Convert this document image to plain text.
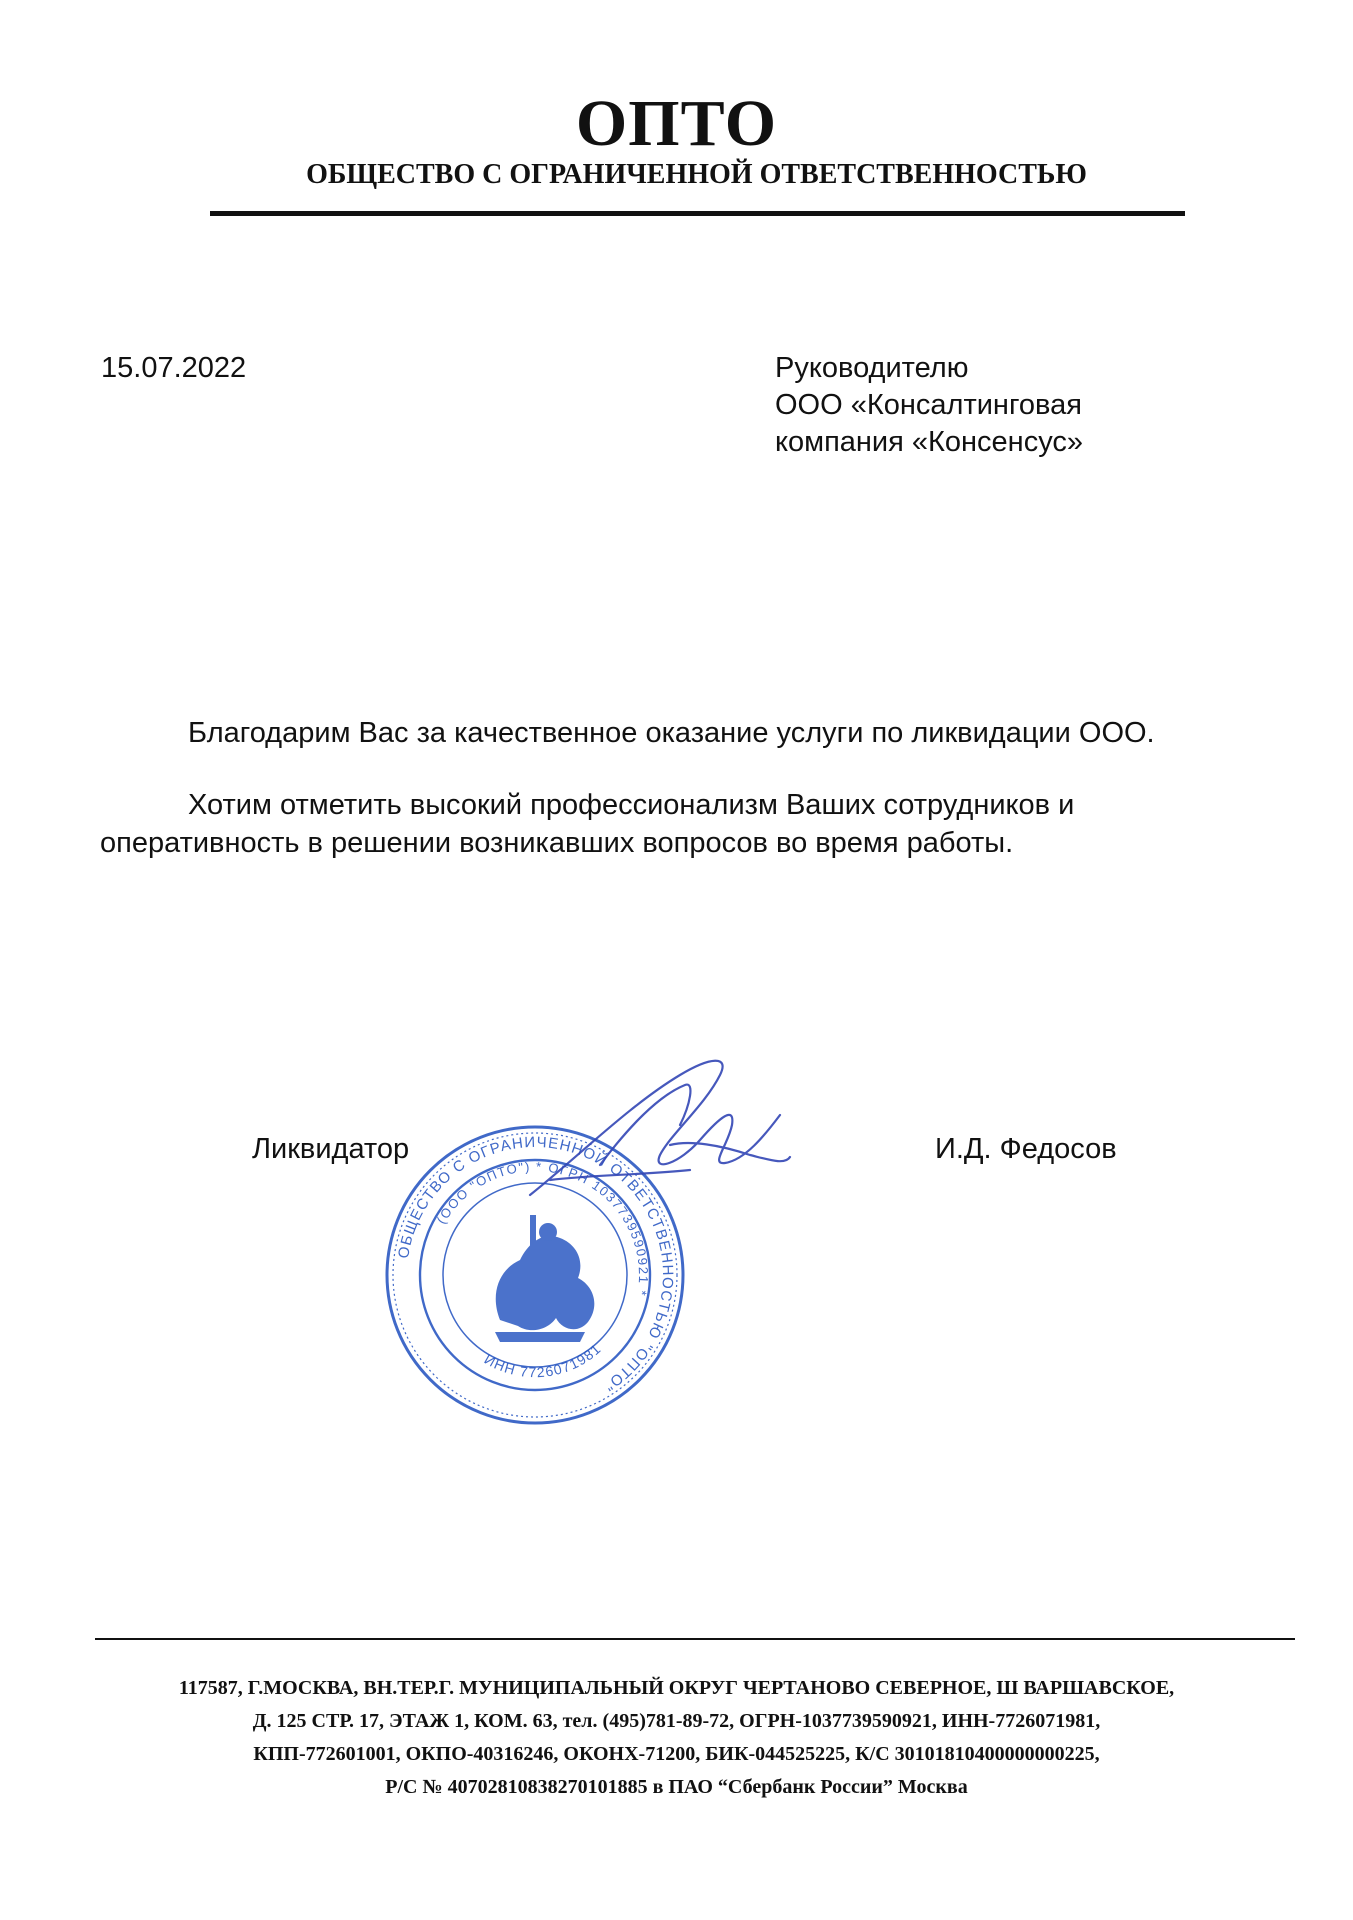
ОПТО
ОБЩЕСТВО С ОГРАНИЧЕННОЙ ОТВЕТСТВЕННОСТЬЮ
15.07.2022	Руководителю
ООО «Консалтинговая
компания «Консенсус»
Благодарим Вас за качественное оказание услуги по ликвидации ООО.
Хотим отметить высокий профессионализм Ваших сотрудников и
оперативность в решении возникавших вопросов во время работы.
Ликвидатор	И.Д. Федосов
ОБЩЕСТВО С ОГРАНИЧЕННОЙ ОТВЕТСТВЕННОСТЬЮ "ОПТО"
(ООО "ОПТО") * ОГРН 1037739590921 *
ИНН 7726071981
117587, Г.МОСКВА, ВН.ТЕР.Г. МУНИЦИПАЛЬНЫЙ ОКРУГ ЧЕРТАНОВО СЕВЕРНОЕ, Ш ВАРШАВСКОЕ,
Д. 125 СТР. 17, ЭТАЖ 1, КОМ. 63, тел. (495)781-89-72, ОГРН-1037739590921, ИНН-7726071981,
КПП-772601001, ОКПО-40316246, ОКОНХ-71200, БИК-044525225, К/С 30101810400000000225,
Р/С № 40702810838270101885 в ПАО “Сбербанк России” Москва
